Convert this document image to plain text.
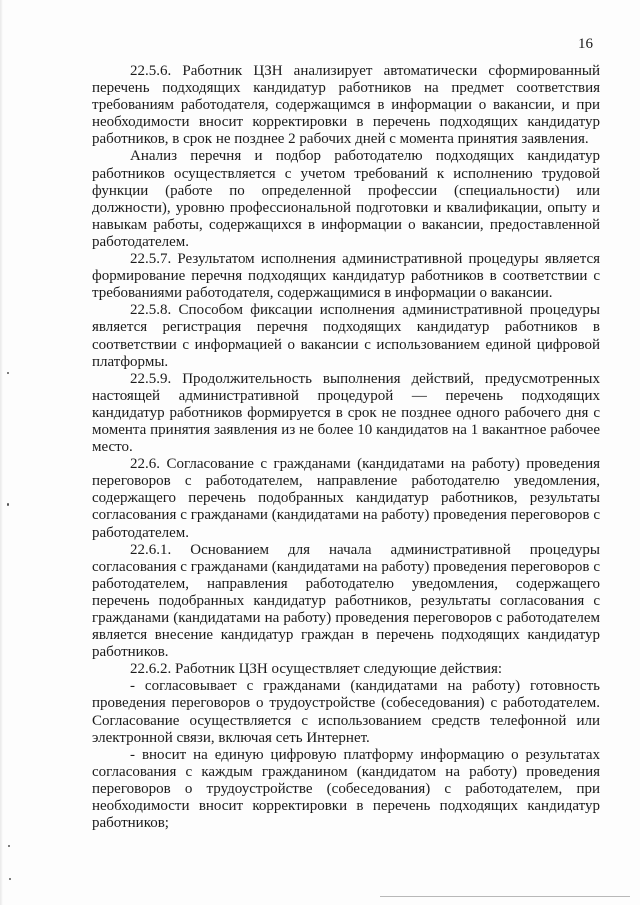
16

22.5.6. Работник ЦЗН анализирует автоматически сформированный перечень подходящих кандидатур работников на предмет соответствия требованиям работодателя, содержащимся в информации о вакансии, и при необходимости вносит корректировки в перечень подходящих кандидатур работников, в срок не позднее 2 рабочих дней с момента принятия заявления.

Анализ перечня и подбор работодателю подходящих кандидатур работников осуществляется с учетом требований к исполнению трудовой функции (работе по определенной профессии (специальности) или должности), уровню профессиональной подготовки и квалификации, опыту и навыкам работы, содержащихся в информации о вакансии, предоставленной работодателем.

22.5.7. Результатом исполнения административной процедуры является формирование перечня подходящих кандидатур работников в соответствии с требованиями работодателя, содержащимися в информации о вакансии.

22.5.8. Способом фиксации исполнения административной процедуры является регистрация перечня подходящих кандидатур работников в соответствии с информацией о вакансии с использованием единой цифровой платформы.

22.5.9. Продолжительность выполнения действий, предусмотренных настоящей административной процедурой — перечень подходящих кандидатур работников формируется в срок не позднее одного рабочего дня с момента принятия заявления из не более 10 кандидатов на 1 вакантное рабочее место.

22.6. Согласование с гражданами (кандидатами на работу) проведения переговоров с работодателем, направление работодателю уведомления, содержащего перечень подобранных кандидатур работников, результаты согласования с гражданами (кандидатами на работу) проведения переговоров с работодателем.

22.6.1. Основанием для начала административной процедуры согласования с гражданами (кандидатами на работу) проведения переговоров с работодателем, направления работодателю уведомления, содержащего перечень подобранных кандидатур работников, результаты согласования с гражданами (кандидатами на работу) проведения переговоров с работодателем является внесение кандидатур граждан в перечень подходящих кандидатур работников.

22.6.2. Работник ЦЗН осуществляет следующие действия:

- согласовывает с гражданами (кандидатами на работу) готовность проведения переговоров о трудоустройстве (собеседования) с работодателем. Согласование осуществляется с использованием средств телефонной или электронной связи, включая сеть Интернет.

- вносит на единую цифровую платформу информацию о результатах согласования с каждым гражданином (кандидатом на работу) проведения переговоров о трудоустройстве (собеседования) с работодателем, при необходимости вносит корректировки в перечень подходящих кандидатур работников;
